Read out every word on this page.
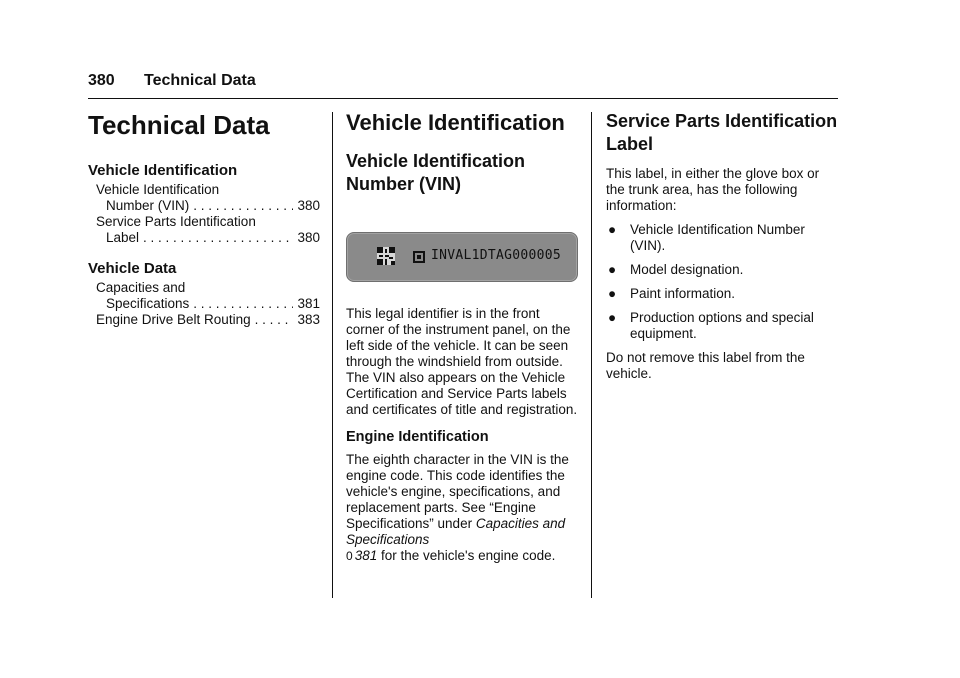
380 Technical Data
Technical Data
Vehicle Identification
Vehicle Identification
Number (VIN) . . .	380
Service Parts Identification
Label . . .	380
Vehicle Data
Capacities and
Specifications . . .	381
Engine Drive Belt Routing . . .	383
Vehicle Identification
Vehicle Identification Number (VIN)
INVAL1DTAG000005

This legal identifier is in the front corner of the instrument panel, on the left side of the vehicle. It can be seen through the windshield from outside. The VIN also appears on the Vehicle Certification and Service Parts labels and certificates of title and registration.

Engine Identification

The eighth character in the VIN is the engine code. This code identifies the vehicle's engine, specifications, and replacement parts. See “Engine Specifications” under Capacities and Specifications
0 381 for the vehicle's engine code.

Service Parts Identification Label

This label, in either the glove box or the trunk area, has the following information:

● Vehicle Identification Number (VIN).
● Model designation.
● Paint information.
● Production options and special equipment.

Do not remove this label from the vehicle.
